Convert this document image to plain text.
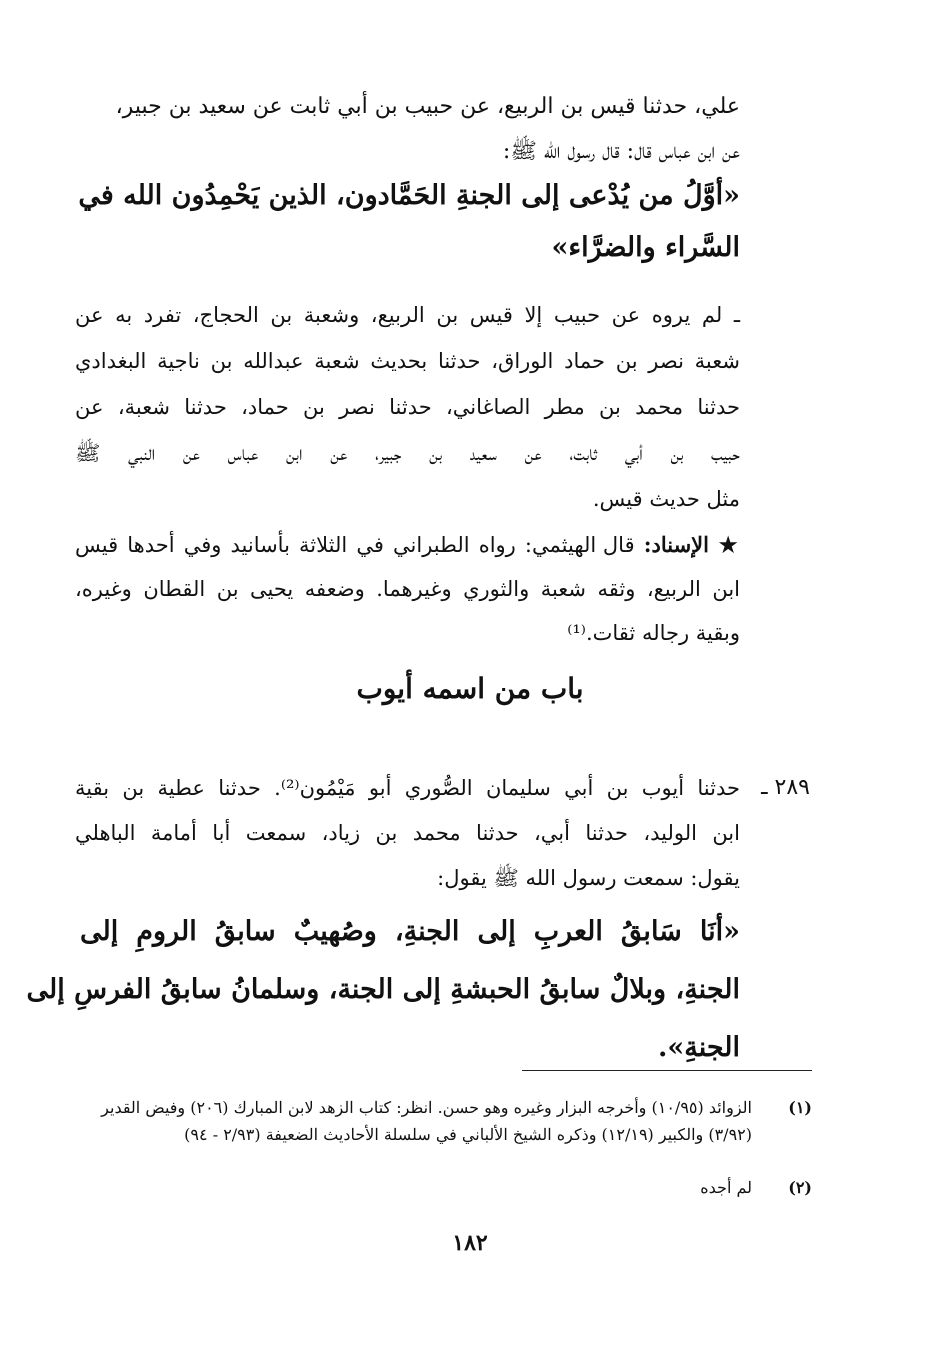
علي، حدثنا قيس بن الربيع، عن حبيب بن أبي ثابت عن سعيد بن جبير،
عن ابن عباس قال: قال رسول الله ﷺ:
«أوَّلُ من يُدْعى إلى الجنةِ الحَمَّادون، الذين يَحْمِدُون الله في
السَّراء والضرَّاء»
ـ لم يروه عن حبيب إلا قيس بن الربيع، وشعبة بن الحجاج، تفرد به عن
شعبة نصر بن حماد الوراق، حدثنا بحديث شعبة عبدالله بن ناجية البغدادي
حدثنا محمد بن مطر الصاغاني، حدثنا نصر بن حماد، حدثنا شعبة، عن
حبيب بن أبي ثابت، عن سعيد بن جبير، عن ابن عباس عن النبي ﷺ
مثل حديث قيس.
★ الإسناد: قال الهيثمي: رواه الطبراني في الثلاثة بأسانيد وفي أحدها قيس
ابن الربيع، وثقه شعبة والثوري وغيرهما. وضعفه يحيى بن القطان وغيره،
وبقية رجاله ثقات.⁽¹⁾
باب من اسمه أيوب
٢٨٩ ـ
حدثنا أيوب بن أبي سليمان الصُّوري أبو مَيْمُون⁽²⁾. حدثنا عطية بن بقية
ابن الوليد، حدثنا أبي، حدثنا محمد بن زياد، سمعت أبا أمامة الباهلي
يقول: سمعت رسول الله ﷺ يقول:
«أنَا سَابقُ العربِ إلى الجنةِ، وصُهيبٌ سابقُ الرومِ إلى
الجنةِ، وبلالٌ سابقُ الحبشةِ إلى الجنة، وسلمانُ سابقُ الفرسِ إلى
الجنةِ».
(١)
الزوائد (١٠/٩٥) وأخرجه البزار وغيره وهو حسن. انظر: كتاب الزهد لابن المبارك (٢٠٦) وفيض القدير
(٣/٩٢) والكبير (١٢/١٩) وذكره الشيخ الألباني في سلسلة الأحاديث الضعيفة (٢/٩٣ - ٩٤)
(٢)
لم أجده
١٨٢
